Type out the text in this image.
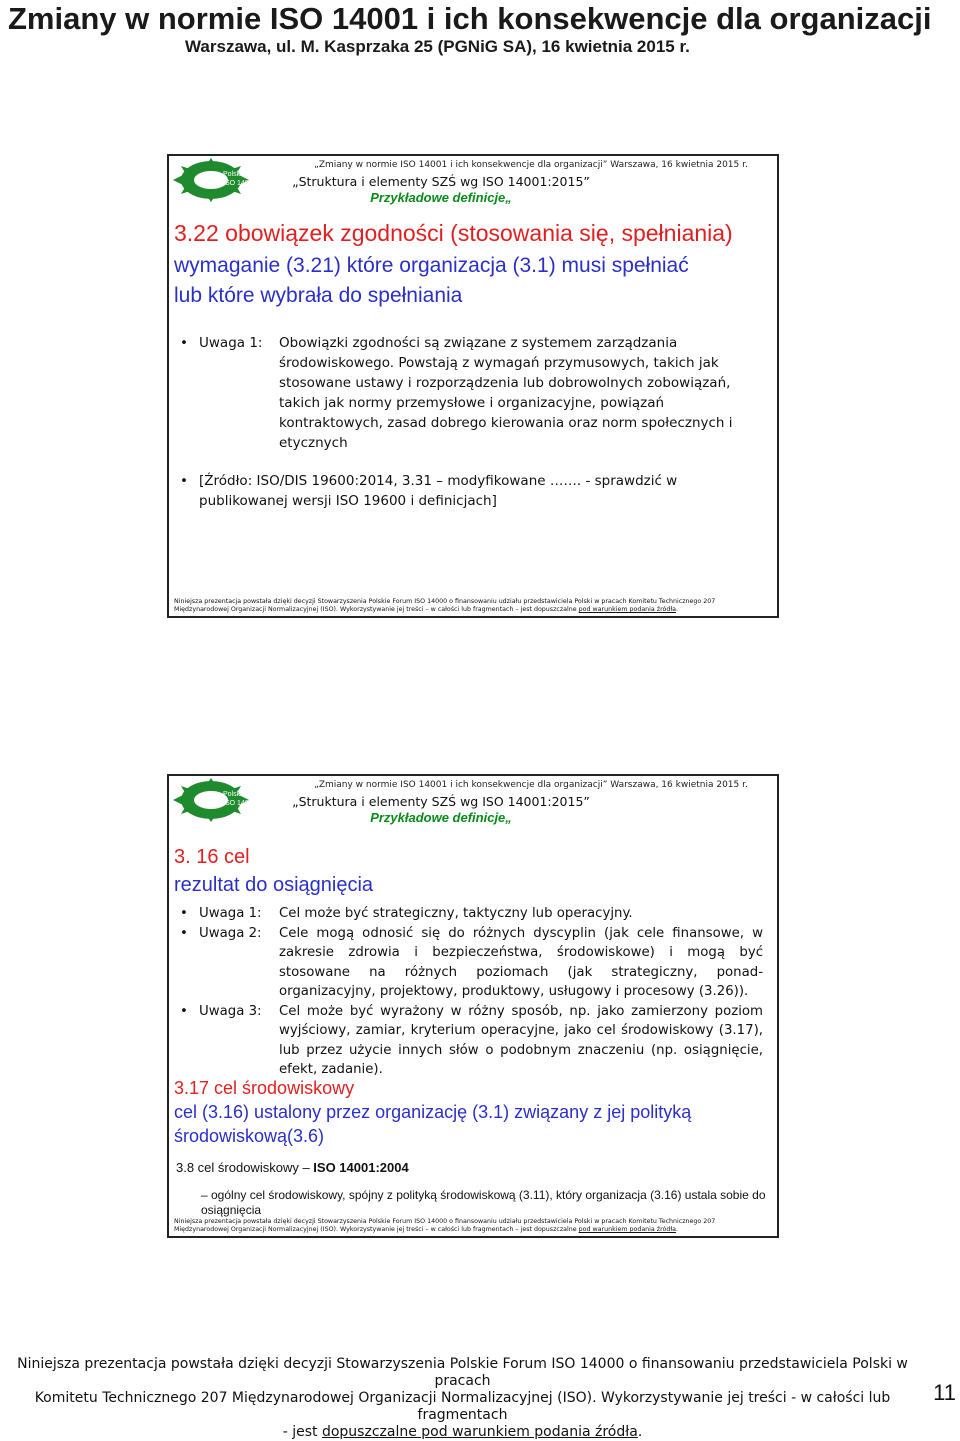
Zmiany w normie ISO 14001 i ich konsekwencje dla organizacji
Warszawa, ul. M. Kasprzaka 25 (PGNiG SA), 16 kwietnia 2015 r.
Polskie Forum
ISO 14000
„Zmiany w normie ISO 14001 i ich konsekwencje dla organizacji” Warszawa, 16 kwietnia 2015 r.
„Struktura i elementy SZŚ wg ISO 14001:2015”
Przykładowe definicje„
3.22 obowiązek zgodności (stosowania się, spełniania)
wymaganie (3.21) które organizacja (3.1) musi spełniać
lub które wybrała do spełniania
• Uwaga 1:	Obowiązki zgodności są związane z systemem zarządzania środowiskowego. Powstają z wymagań przymusowych, takich jak stosowane ustawy i rozporządzenia lub dobrowolnych zobowiązań, takich jak normy przemysłowe i organizacyjne, powiązań kontraktowych, zasad dobrego kierowania oraz norm społecznych i etycznych
• [Źródło: ISO/DIS 19600:2014, 3.31 – modyfikowane ……. - sprawdzić w publikowanej wersji ISO 19600 i definicjach]
Niniejsza prezentacja powstała dzięki decyzji Stowarzyszenia Polskie Forum ISO 14000 o finansowaniu udziału przedstawiciela Polski w pracach Komitetu Technicznego 207
Międzynarodowej Organizacji Normalizacyjnej (ISO). Wykorzystywanie jej treści – w całości lub fragmentach – jest dopuszczalne pod warunkiem podania źródła.
Polskie Forum
ISO 14000
„Zmiany w normie ISO 14001 i ich konsekwencje dla organizacji” Warszawa, 16 kwietnia 2015 r.
„Struktura i elementy SZŚ wg ISO 14001:2015”
Przykładowe definicje„
3. 16 cel
rezultat do osiągnięcia
• Uwaga 1:	Cel może być strategiczny, taktyczny lub operacyjny.
• Uwaga 2:	Cele mogą odnosić się do różnych dyscyplin (jak cele finansowe, w zakresie zdrowia i bezpieczeństwa, środowiskowe) i mogą być stosowane na różnych poziomach (jak strategiczny, ponad-organizacyjny, projektowy, produktowy, usługowy i procesowy (3.26)).
• Uwaga 3:	Cel może być wyrażony w różny sposób, np. jako zamierzony poziom wyjściowy, zamiar, kryterium operacyjne, jako cel środowiskowy (3.17), lub przez użycie innych słów o podobnym znaczeniu (np. osiągnięcie, efekt, zadanie).
3.17 cel środowiskowy
cel (3.16) ustalony przez organizację (3.1) związany z jej polityką
środowiskową(3.6)
3.8 cel środowiskowy – ISO 14001:2004
– ogólny cel środowiskowy, spójny z polityką środowiskową (3.11), który organizacja (3.16) ustala sobie do osiągnięcia
Niniejsza prezentacja powstała dzięki decyzji Stowarzyszenia Polskie Forum ISO 14000 o finansowaniu udziału przedstawiciela Polski w pracach Komitetu Technicznego 207
Międzynarodowej Organizacji Normalizacyjnej (ISO). Wykorzystywanie jej treści – w całości lub fragmentach – jest dopuszczalne pod warunkiem podania źródła.
Niniejsza prezentacja powstała dzięki decyzji Stowarzyszenia Polskie Forum ISO 14000 o finansowaniu przedstawiciela Polski w pracach
Komitetu Technicznego 207 Międzynarodowej Organizacji Normalizacyjnej (ISO). Wykorzystywanie jej treści - w całości lub fragmentach
- jest dopuszczalne pod warunkiem podania źródła.
11
